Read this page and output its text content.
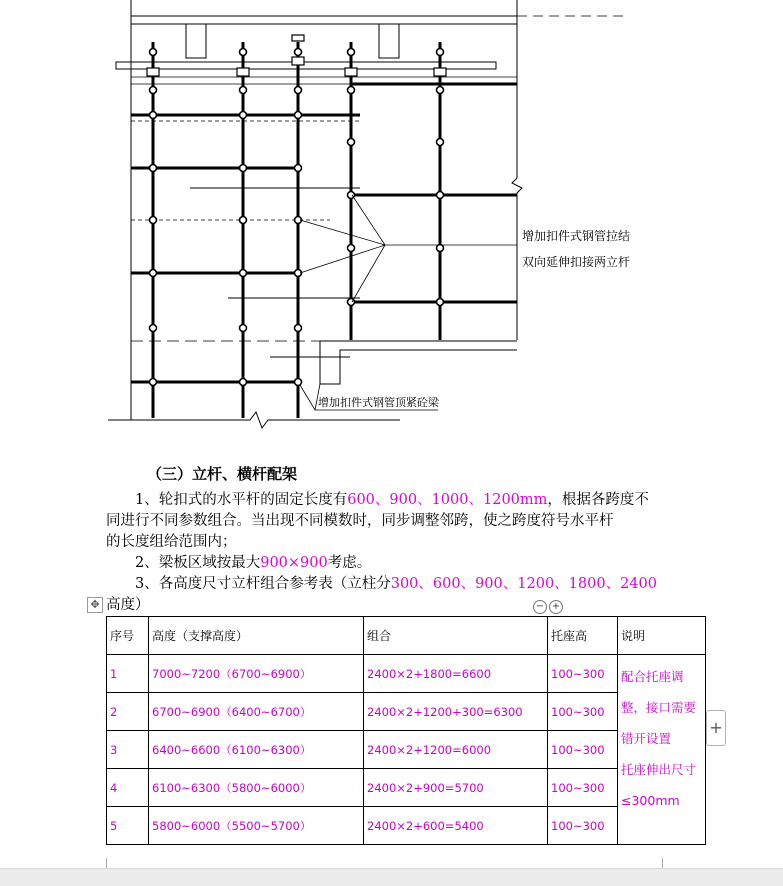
增加扣件式钢管拉结
双向延伸扣接两立杆
增加扣件式钢管顶紧砼梁
（三）立杆、横杆配架
1、轮扣式的水平杆的固定长度有600、900、1000、1200mm，根据各跨度不
同进行不同参数组合。当出现不同模数时，同步调整邻跨，使之跨度符号水平杆
的长度组给范围内；
2、梁板区域按最大900×900考虑。
3、各高度尺寸立杆组合参考表（立柱分300、600、900、1200、1800、2400
高度）
✥	− +
+
序号	高度（支撑高度）	组合	托座高	说明
1	7000~7200（6700~6900）	2400×2+1800=6600	100~300	配合托座调
整，接口需要
错开设置
托座伸出尺寸
≤300mm

2	6700~6900（6400~6700）	2400×2+1200+300=6300	100~300	
3	6400~6600（6100~6300）	2400×2+1200=6000	100~300	
4	6100~6300（5800~6000）	2400×2+900=5700	100~300	
5	5800~6000（5500~5700）	2400×2+600=5400	100~300	
